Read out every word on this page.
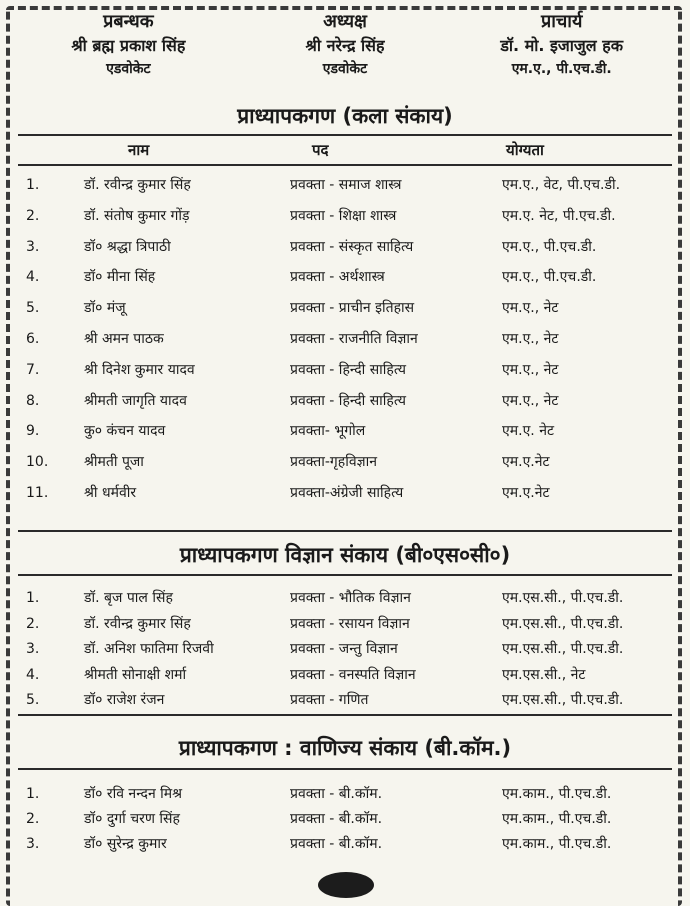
प्रबन्धक
श्री ब्रह्म प्रकाश सिंह
एडवोकेट
अध्यक्ष
श्री नरेन्द्र सिंह
एडवोकेट
प्राचार्य
डॉ. मो. इजाजुल हक
एम.ए., पी.एच.डी.
प्राध्यापकगण (कला संकाय)
नाम	पद	योग्यता
1.	डॉ. रवीन्द्र कुमार सिंह	प्रवक्ता - समाज शास्त्र	एम.ए., वेट, पी.एच.डी.
2.	डॉ. संतोष कुमार गोंड़	प्रवक्ता - शिक्षा शास्त्र	एम.ए. नेट, पी.एच.डी.
3.	डॉ० श्रद्धा त्रिपाठी	प्रवक्ता - संस्कृत साहित्य	एम.ए., पी.एच.डी.
4.	डॉ० मीना सिंह	प्रवक्ता - अर्थशास्त्र	एम.ए., पी.एच.डी.
5.	डॉ० मंजू	प्रवक्ता - प्राचीन इतिहास	एम.ए., नेट
6.	श्री अमन पाठक	प्रवक्ता - राजनीति विज्ञान	एम.ए., नेट
7.	श्री दिनेश कुमार यादव	प्रवक्ता - हिन्दी साहित्य	एम.ए., नेट
8.	श्रीमती जागृति यादव	प्रवक्ता - हिन्दी साहित्य	एम.ए., नेट
9.	कु० कंचन यादव	प्रवक्ता- भूगोल	एम.ए. नेट
10.	श्रीमती पूजा	प्रवक्ता-गृहविज्ञान	एम.ए.नेट
11.	श्री धर्मवीर	प्रवक्ता-अंग्रेजी साहित्य	एम.ए.नेट
प्राध्यापकगण विज्ञान संकाय (बी०एस०सी०)
1.	डॉ. बृज पाल सिंह	प्रवक्ता - भौतिक विज्ञान	एम.एस.सी., पी.एच.डी.
2.	डॉ. रवीन्द्र कुमार सिंह	प्रवक्ता - रसायन विज्ञान	एम.एस.सी., पी.एच.डी.
3.	डॉ. अनिश फातिमा रिजवी	प्रवक्ता - जन्तु विज्ञान	एम.एस.सी., पी.एच.डी.
4.	श्रीमती सोनाक्षी शर्मा	प्रवक्ता - वनस्पति विज्ञान	एम.एस.सी., नेट
5.	डॉ० राजेश रंजन	प्रवक्ता - गणित	एम.एस.सी., पी.एच.डी.
प्राध्यापकगण : वाणिज्य संकाय (बी.कॉम.)
1.	डॉ० रवि नन्दन मिश्र	प्रवक्ता - बी.कॉम.	एम.काम., पी.एच.डी.
2.	डॉ० दुर्गा चरण सिंह	प्रवक्ता - बी.कॉम.	एम.काम., पी.एच.डी.
3.	डॉ० सुरेन्द्र कुमार	प्रवक्ता - बी.कॉम.	एम.काम., पी.एच.डी.
